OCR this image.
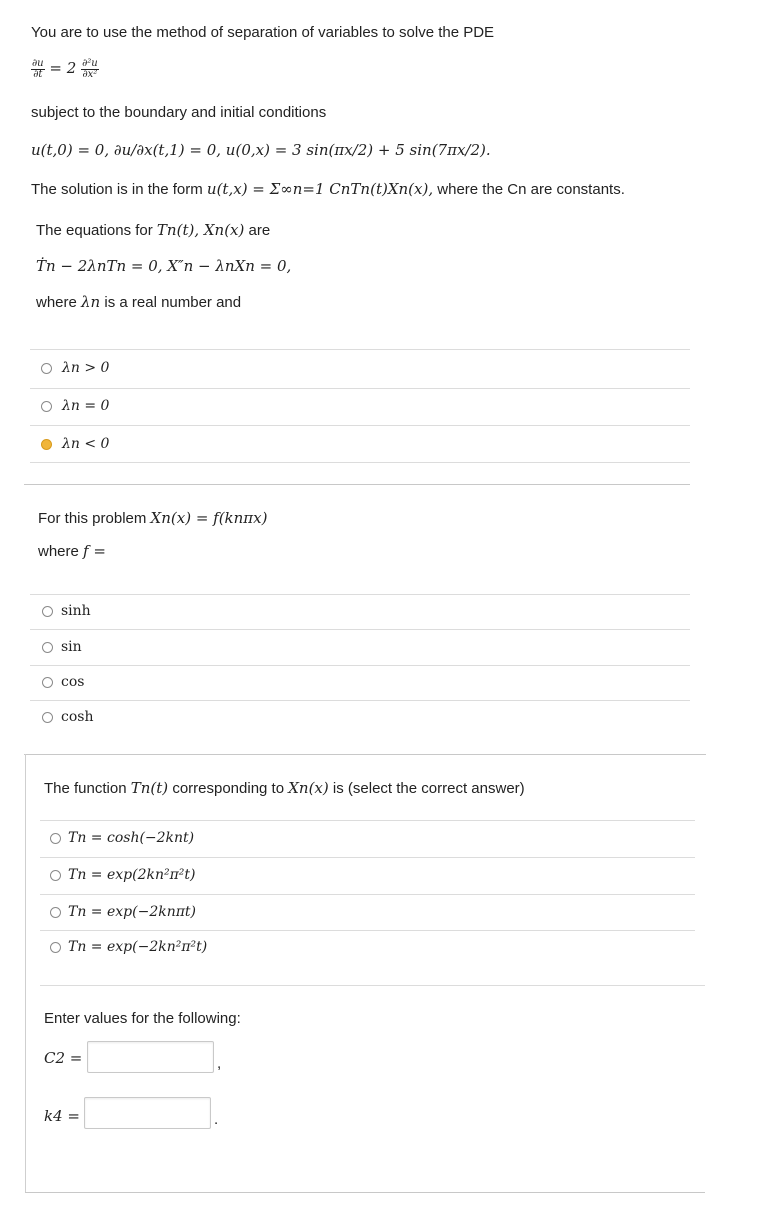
You are to use the method of separation of variables to solve the PDE
$\frac{\partial u}{\partial t} = 2 \frac{\text{∂²u}}{\text{∂x²}}$
subject to the boundary and initial conditions
u(t,0) = 0, ∂u/∂x(t,1) = 0, u(0,x) = 3 sin(πx/2) + 5 sin(7πx/2).
The solution is in the form u(t,x) = Σ∞n=1 CnTn(t)Xn(x), where the Cn are constants.
The equations for Tn(t), Xn(x) are
Ṫn − 2λnTn = 0, X″n − λnXn = 0,
where λn is a real number and
λn > 0
λn = 0
λn < 0
For this problem Xn(x) = f(knπx)
where f =
sinh
sin
cos
cosh
The function Tn(t) corresponding to Xn(x) is (select the correct answer)
Tn = cosh(−2knt)
Tn = exp(2kn²π²t)
Tn = exp(−2knπt)
Tn = exp(−2kn²π²t)
Enter values for the following:
C2 =	,
k4 =	.
